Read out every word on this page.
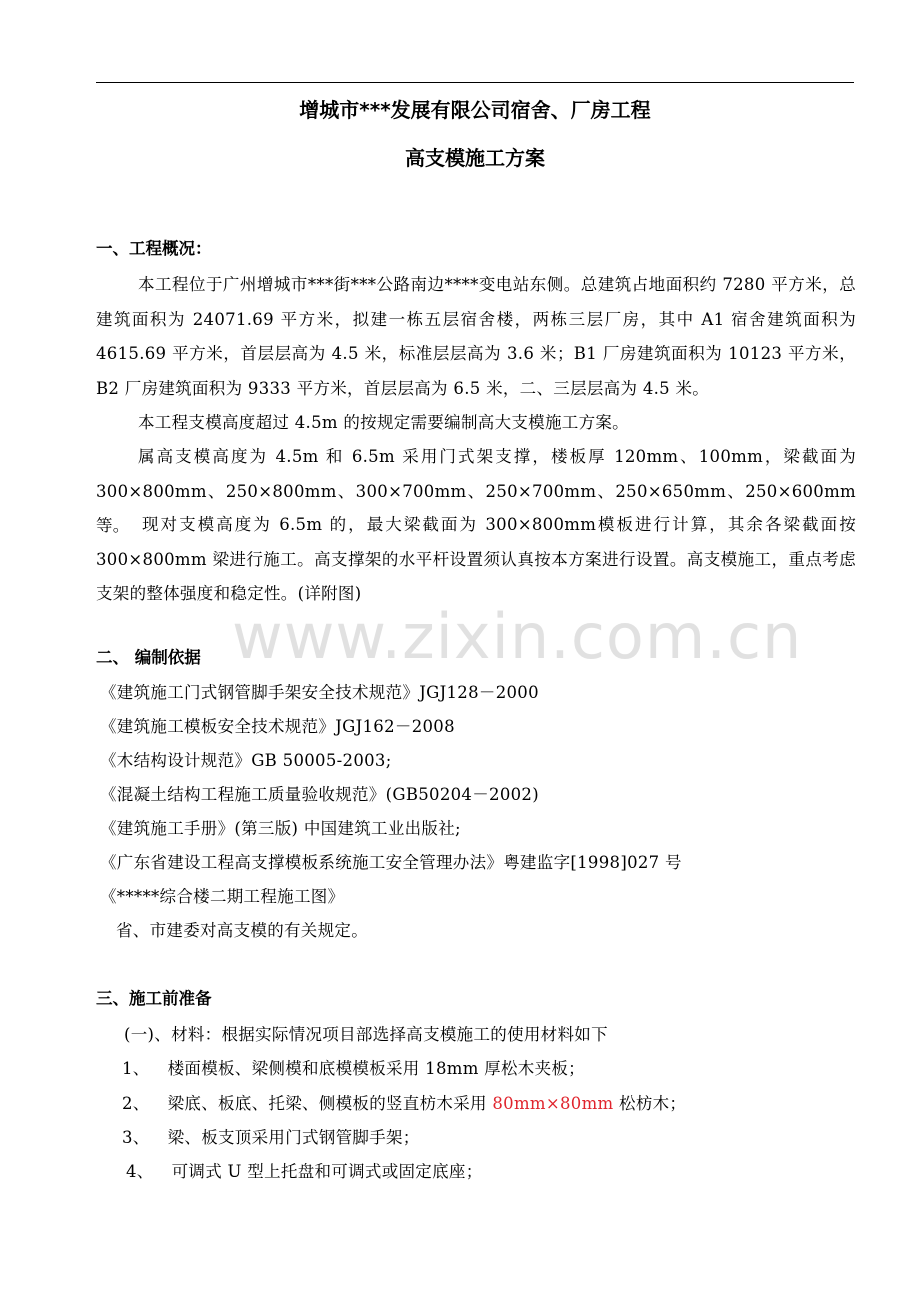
增城市***发展有限公司宿舍、厂房工程
高支模施工方案
一、工程概况：
本工程位于广州增城市***街***公路南边****变电站东侧。总建筑占地面积约 7280 平方米，总建筑面积为 24071.69 平方米，拟建一栋五层宿舍楼，两栋三层厂房，其中 A1 宿舍建筑面积为 4615.69 平方米，首层层高为 4.5 米，标准层层高为 3.6 米；B1 厂房建筑面积为 10123 平方米，B2 厂房建筑面积为 9333 平方米，首层层高为 6.5 米，二、三层层高为 4.5 米。
本工程支模高度超过 4.5m 的按规定需要编制高大支模施工方案。
属高支模高度为 4.5m 和 6.5m 采用门式架支撑，楼板厚 120mm、100mm，梁截面为 300×800mm、250×800mm、300×700mm、250×700mm、250×650mm、250×600mm等。 现对支模高度为 6.5m 的，最大梁截面为 300×800mm模板进行计算，其余各梁截面按 300×800mm 梁进行施工。高支撑架的水平杆设置须认真按本方案进行设置。高支模施工，重点考虑支架的整体强度和稳定性。(详附图)
www.zixin.com.cn
二、 编制依据
《建筑施工门式钢管脚手架安全技术规范》JGJ128－2000
《建筑施工模板安全技术规范》JGJ162－2008
《木结构设计规范》GB 50005-2003;
《混凝土结构工程施工质量验收规范》(GB50204－2002)
《建筑施工手册》(第三版) 中国建筑工业出版社;
《广东省建设工程高支撑模板系统施工安全管理办法》粤建监字[1998]027 号
《*****综合楼二期工程施工图》
省、市建委对高支模的有关规定。
三、施工前准备
(一)、材料：根据实际情况项目部选择高支模施工的使用材料如下
1、 楼面模板、梁侧模和底模模板采用 18mm 厚松木夹板；
2、 梁底、板底、托梁、侧模板的竖直枋木采用 80mm×80mm 松枋木；
3、 梁、板支顶采用门式钢管脚手架；
4、 可调式 U 型上托盘和可调式或固定底座；
